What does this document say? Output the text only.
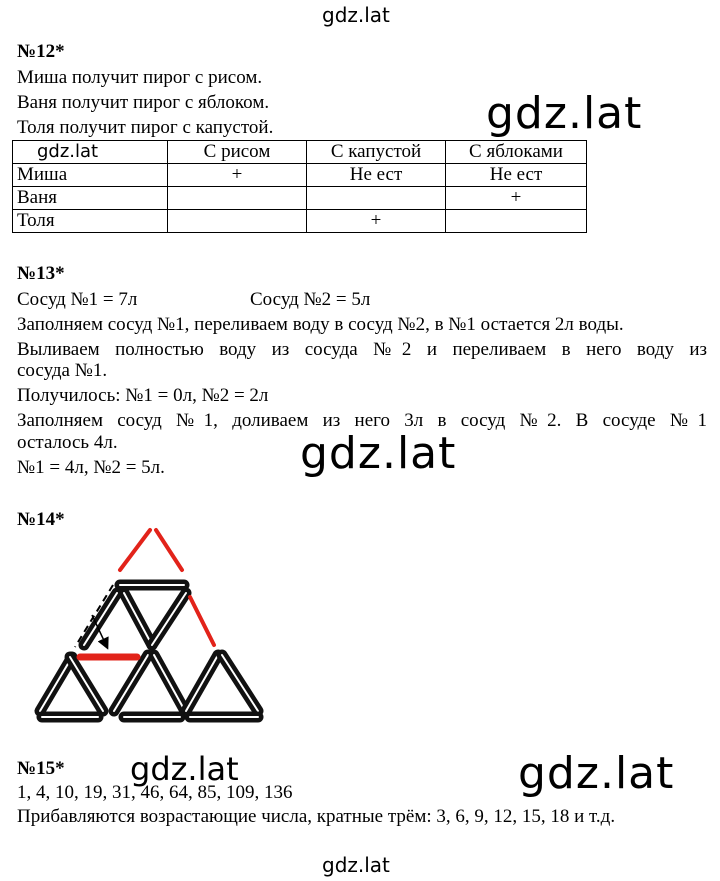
gdz.lat
gdz.lat
gdz.lat
gdz.lat
gdz.lat
gdz.lat
№12*
Миша получит пирог с рисом.
Ваня получит пирог с яблоком.
Толя получит пирог с капустой.
gdz.lat	С рисом	С капустой	С яблоками
Миша	+	Не ест	Не ест
Ваня			+
Толя		+	
№13*
Сосуд №1 = 7л	Сосуд №2 = 5л
Заполняем сосуд №1, переливаем воду в сосуд №2, в №1 остается 2л воды.
Выливаем полностью воду из сосуда №2 и переливаем в него воду из
сосуда №1.
Получилось: №1 = 0л, №2 = 2л
Заполняем сосуд №1, доливаем из него 3л в сосуд №2. В сосуде №1
осталось 4л.
№1 = 4л, №2 = 5л.
№14*
№15*
1, 4, 10, 19, 31, 46, 64, 85, 109, 136
Прибавляются возрастающие числа, кратные трём: 3, 6, 9, 12, 15, 18 и т.д.
